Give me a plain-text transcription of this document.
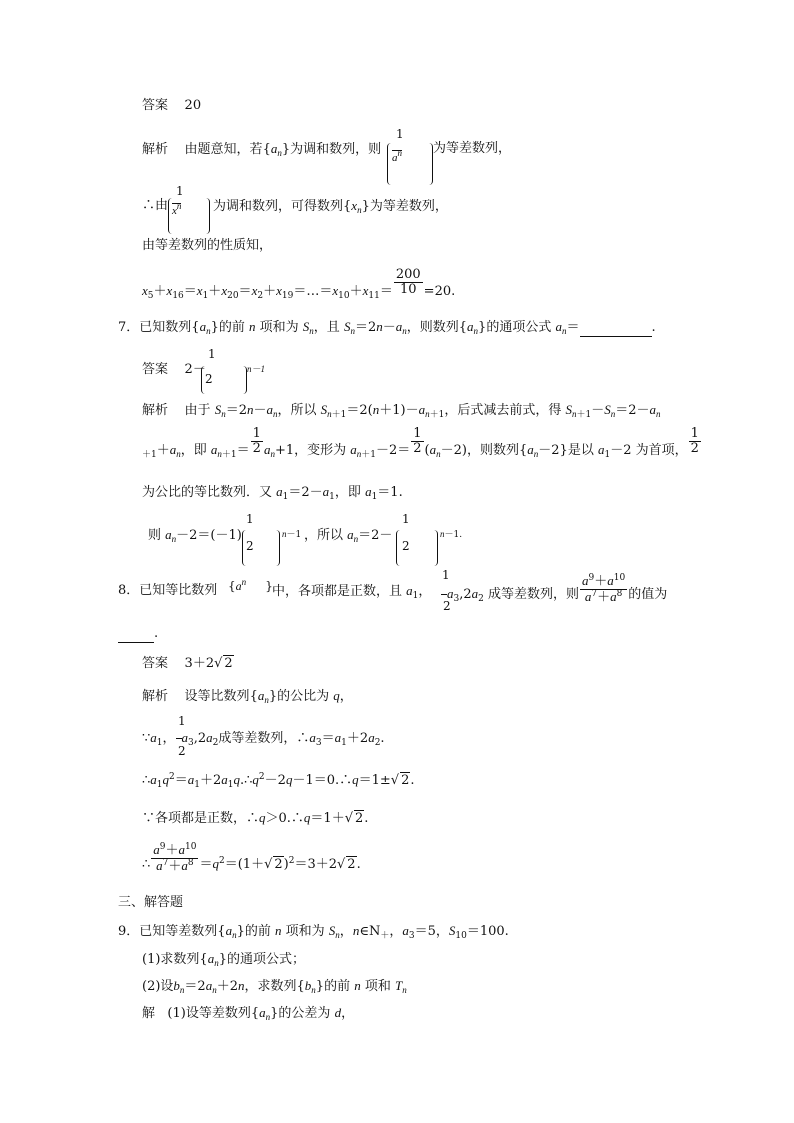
答案 20
解析 由题意知，若$\{a_n\}$为调和数列，则
1
$a^n$ 为等差数列，
∴由
1
$x^n$ 为调和数列，可得数列$\{x_n\}$为等差数列，
由等差数列的性质知，
$x_5+x_{16}=x_1+x_{20}=x_2+x_{19}=\dots=x_{10}+x_{11}= \frac{200}{10} =20$.
7．已知数列$\{a_n\}$的前 n 项和为 $S_n$，且 $S_n=2n-a_n$，则数列$\{a_n\}$的通项公式 $a_n=$	.
答案 2－
1
2
n－1
解析 由于 $S_n=2n-a_n$，所以 $S_{n+1}=2(n+1)-a_{n+1}$，后式减去前式，得 $S_{n+1}-S_n=2-a_n$
$_{+1}+a_n$，即 $a_{n+1}= \frac{1}{2} a_n+1$，变形为 $a_{n+1}-2= \frac{1}{2} (a_n-2)$，则数列$\{a_n-2\}$是以 $a_1-2$ 为首项， $\frac{1}{2}$
为公比的等比数列．又 $a_1=2-a_1$，即 $a_1=1$.
则 $a_n-2=(-1)$
1
2
n－1 ，所以 $a_n=2-$
1
2
n－1.
8．已知等比数列 {$a^n$     } 中，各项都是正数，且 $a_1$，
1
$a_3,2a_2$ 成等差数列，则 $\frac{a^9+a^{10}}{a^7+a^8}$ 的值为
2
.
答案 3＋2√ 2
解析 设等比数列$\{a_n\}$的公比为 q，
1
$\because a_1$， $a_3,2a_2$成等差数列，$\therefore a_3=a_1+2a_2$.
2
$\therefore a_1q^2=a_1+2a_1q.\therefore q^2-2q-1=0.\therefore q=1\pm√$ 2.
∵各项都是正数，∴q＞0.∴q＝1＋√ 2.
∴ $\frac{a^9+a^{10}}{a^7+a^8} =q^2=(1+√$ 2)$^2$＝3＋2√ 2.
三、解答题
9．已知等差数列$\{a_n\}$的前 n 项和为 $S_n$，$n\in N_+$，$a_3=5$，$S_{10}=100$.
(1)求数列$\{a_n\}$的通项公式；
(2)设$b_n=2a_n+2n$，求数列$\{b_n\}$的前 n 项和 $T_n$
解 (1)设等差数列$\{a_n\}$的公差为 d，
